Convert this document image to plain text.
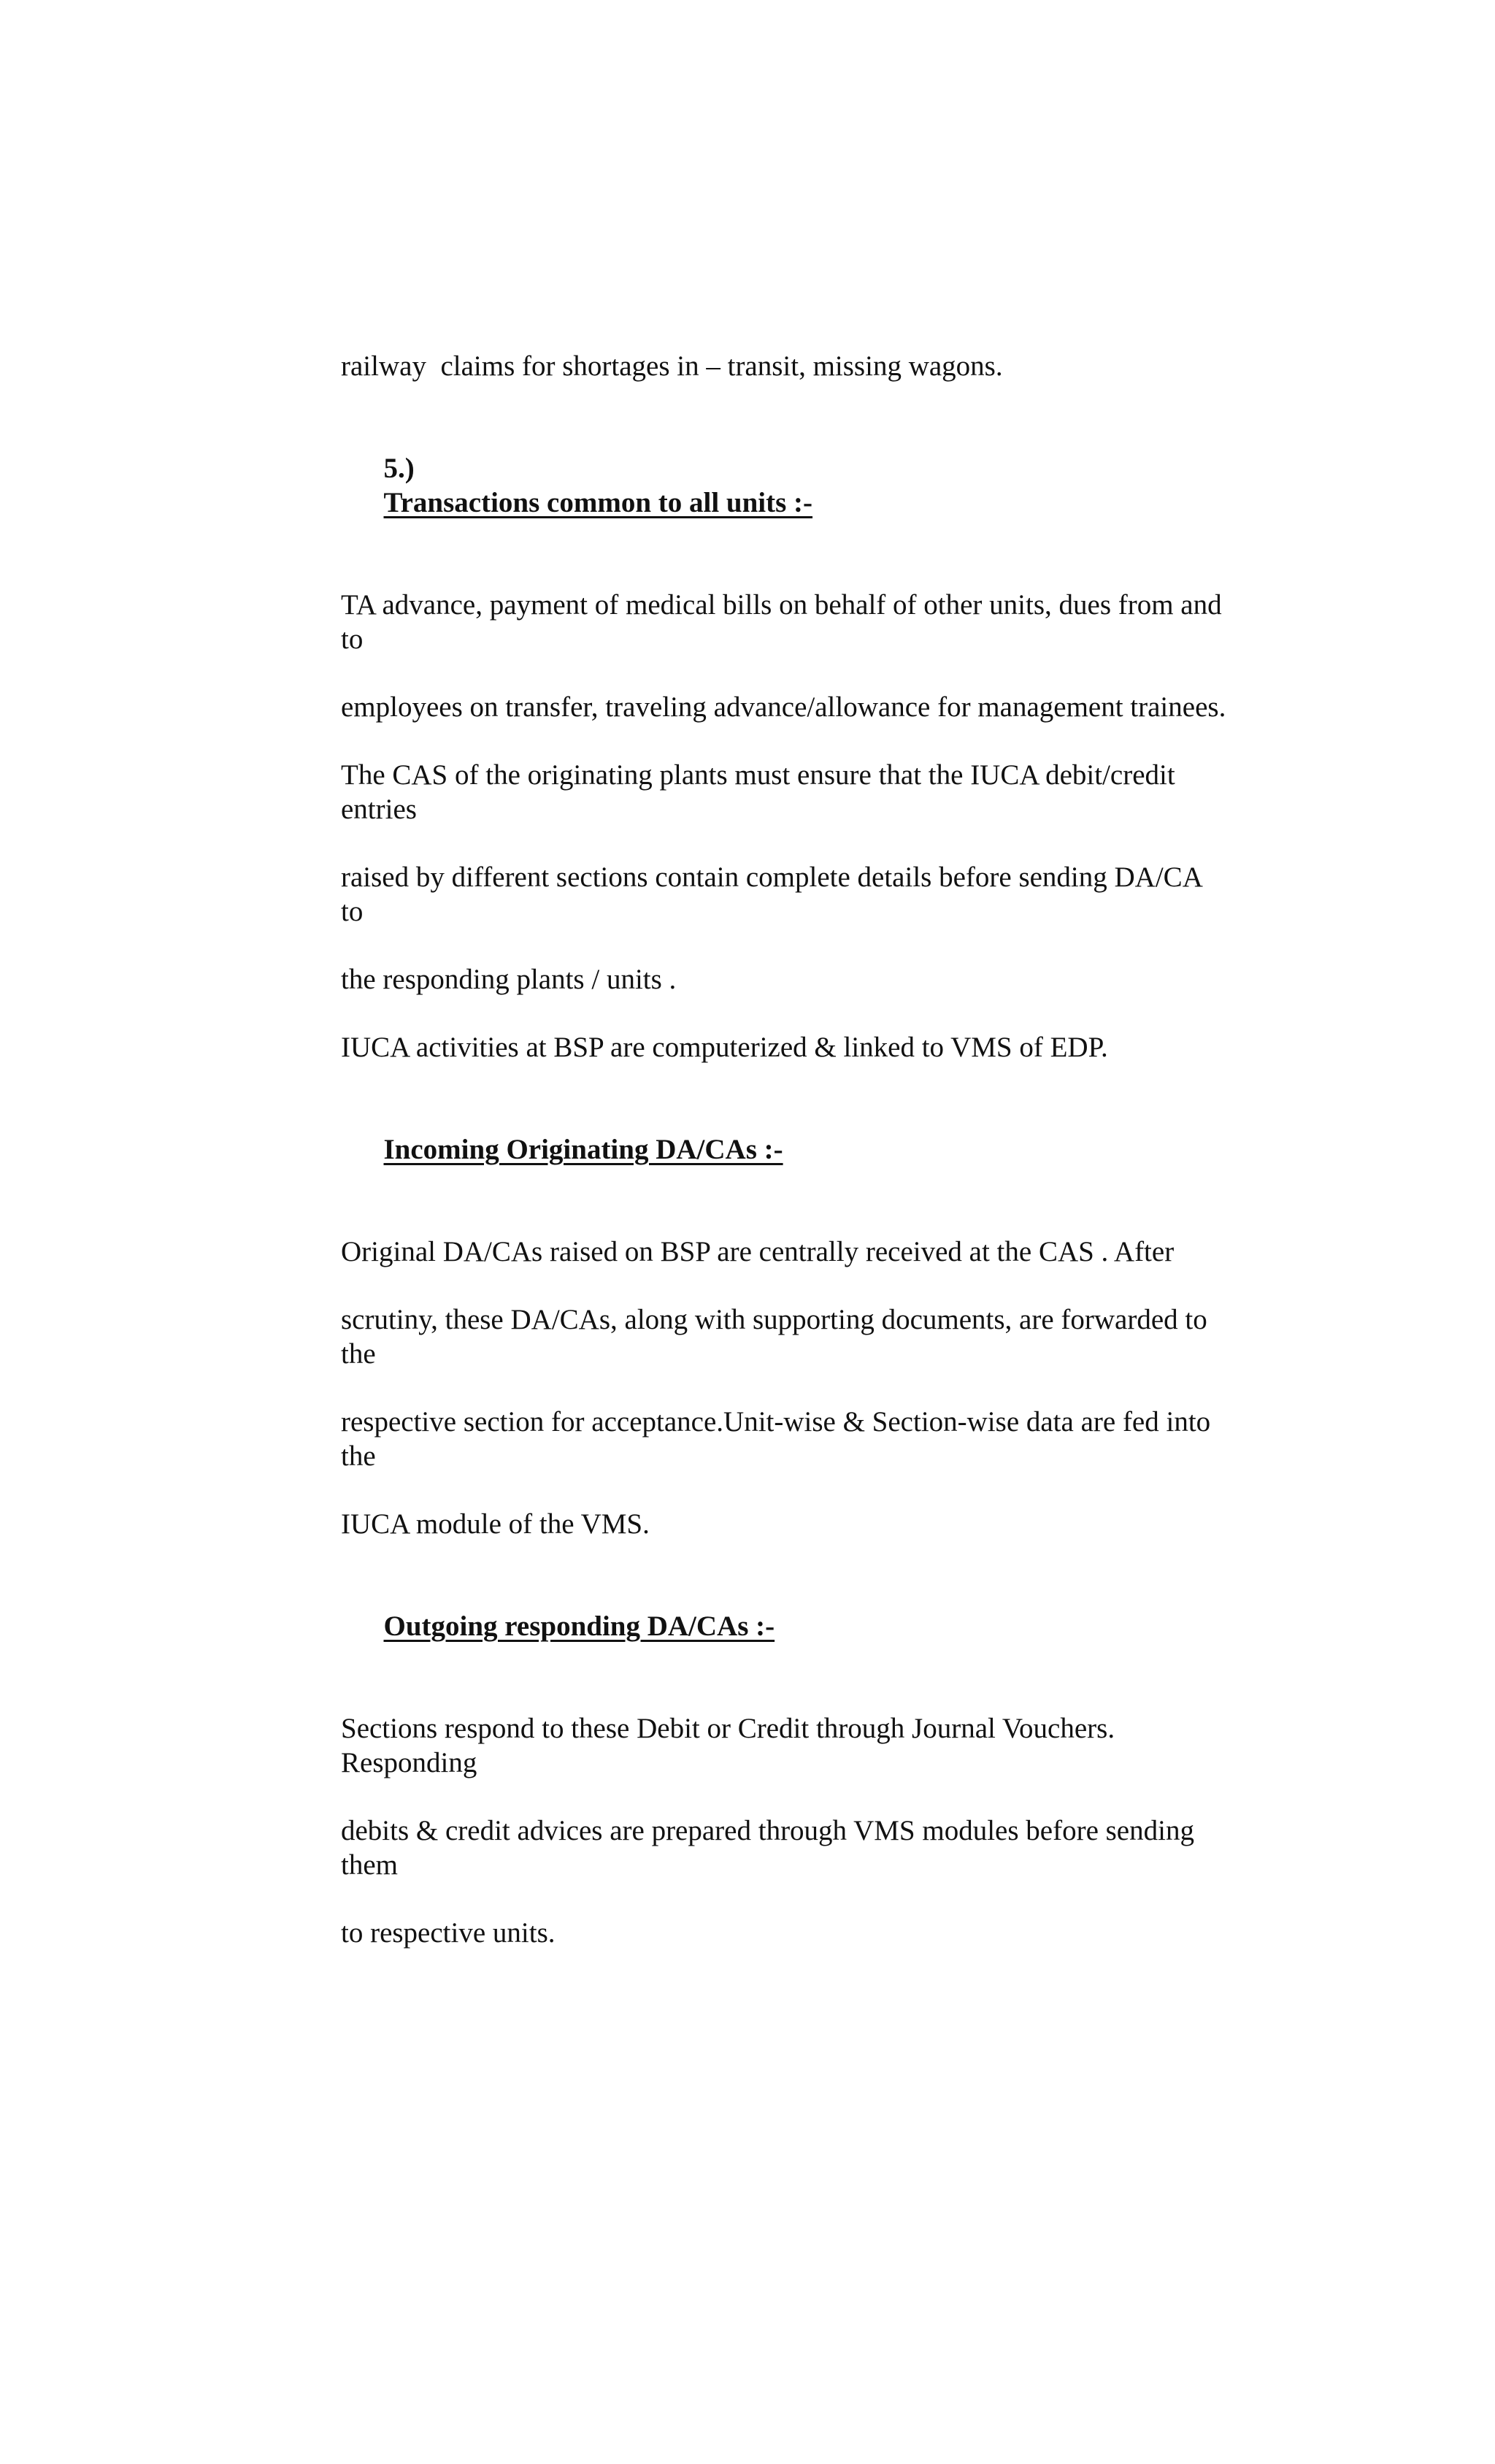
railway  claims for shortages in – transit, missing wagons.

5.)
Transactions common to all units :-

TA advance, payment of medical bills on behalf of other units, dues from and
to

employees on transfer, traveling advance/allowance for management trainees.

The CAS of the originating plants must ensure that the IUCA debit/credit
entries

raised by different sections contain complete details before sending DA/CA
to

the responding plants / units .

IUCA activities at BSP are computerized & linked to VMS of EDP.

Incoming Originating DA/CAs :-

Original DA/CAs raised on BSP are centrally received at the CAS . After

scrutiny, these DA/CAs, along with supporting documents, are forwarded to
the

respective section for acceptance.Unit-wise & Section-wise data are fed into
the

IUCA module of the VMS.

Outgoing responding DA/CAs :-

Sections respond to these Debit or Credit through Journal Vouchers.
Responding

debits & credit advices are prepared through VMS modules before sending
them

to respective units.
